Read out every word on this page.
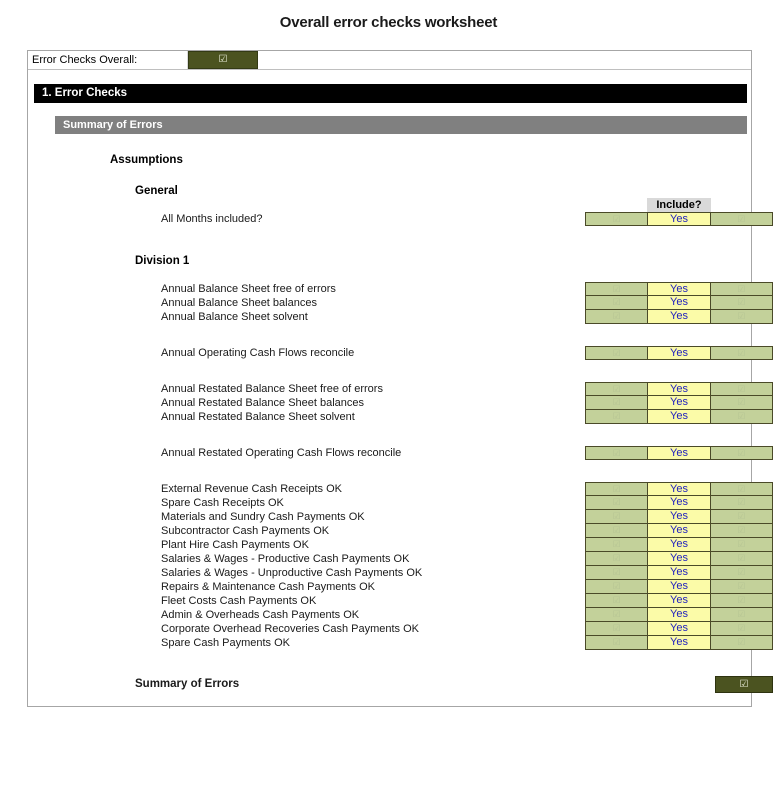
Overall error checks worksheet
Error Checks Overall:	☑
1. Error Checks
Summary of Errors
Assumptions
General
Include?
All Months included?	☑	Yes	☑
Division 1
Annual Balance Sheet free of errors	☑	Yes	☑
Annual Balance Sheet balances	☑	Yes	☑
Annual Balance Sheet solvent	☑	Yes	☑
Annual Operating Cash Flows reconcile	☑	Yes	☑
Annual Restated Balance Sheet free of errors	☑	Yes	☑
Annual Restated Balance Sheet balances	☑	Yes	☑
Annual Restated Balance Sheet solvent	☑	Yes	☑
Annual Restated Operating Cash Flows reconcile	☑	Yes	☑
External Revenue Cash Receipts OK	☑	Yes	☑
Spare Cash Receipts OK	☑	Yes	☑
Materials and Sundry Cash Payments OK	☑	Yes	☑
Subcontractor Cash Payments OK	☑	Yes	☑
Plant Hire Cash Payments OK	☑	Yes	☑
Salaries & Wages - Productive Cash Payments OK	☑	Yes	☑
Salaries & Wages - Unproductive Cash Payments OK	☑	Yes	☑
Repairs & Maintenance Cash Payments OK	☑	Yes	☑
Fleet Costs Cash Payments OK	☑	Yes	☑
Admin & Overheads Cash Payments OK	☑	Yes	☑
Corporate Overhead Recoveries Cash Payments OK	☑	Yes	☑
Spare Cash Payments OK	☑	Yes	☑
Summary of Errors	☑
